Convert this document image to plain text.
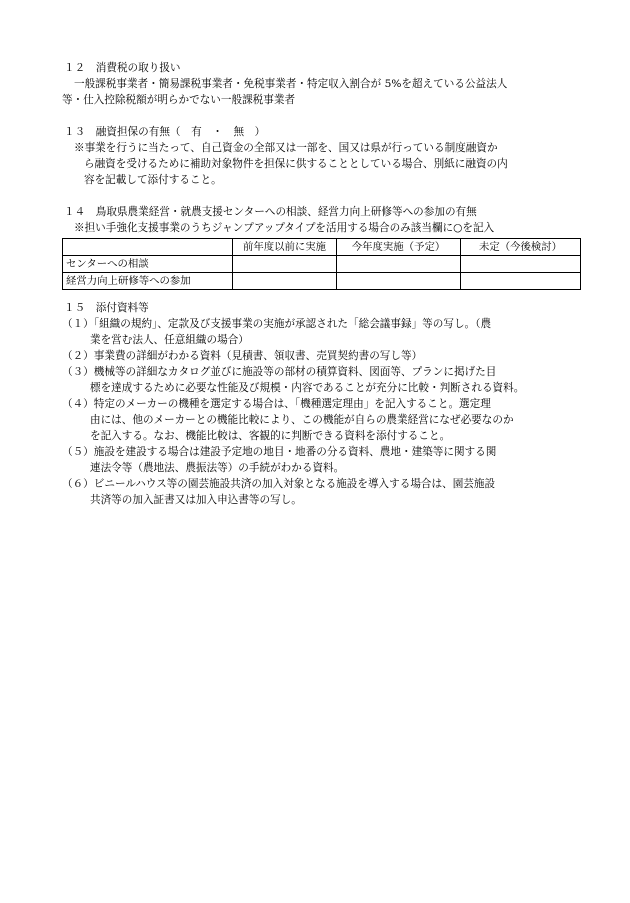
１２　消費税の取り扱い
一般課税事業者・簡易課税事業者・免税事業者・特定収入割合が 5%を超えている公益法人
等・仕入控除税額が明らかでない一般課税事業者
１３　融資担保の有無（　有　・　無　）
※事業を行うに当たって、自己資金の全部又は一部を、国又は県が行っている制度融資か
ら融資を受けるために補助対象物件を担保に供することとしている場合、別紙に融資の内
容を記載して添付すること。
１４　鳥取県農業経営・就農支援センターへの相談、経営力向上研修等への参加の有無
※担い手強化支援事業のうちジャンプアップタイプを活用する場合のみ該当欄に○を記入
	前年度以前に実施	今年度実施（予定）	未定（今後検討）
センターへの相談			
経営力向上研修等への参加			
１５　添付資料等
（１）「組織の規約」、定款及び支援事業の実施が承認された「総会議事録」等の写し。（農
業を営む法人、任意組織の場合）
（２）事業費の詳細がわかる資料（見積書、領収書、売買契約書の写し等）
（３）機械等の詳細なカタログ並びに施設等の部材の積算資料、図面等、プランに掲げた目
標を達成するために必要な性能及び規模・内容であることが充分に比較・判断される資料。
（４）特定のメーカーの機種を選定する場合は、「機種選定理由」を記入すること。選定理
由には、他のメーカーとの機能比較により、この機能が自らの農業経営になぜ必要なのか
を記入する。なお、機能比較は、客観的に判断できる資料を添付すること。
（５）施設を建設する場合は建設予定地の地目・地番の分る資料、農地・建築等に関する関
連法令等（農地法、農振法等）の手続がわかる資料。
（６）ビニールハウス等の園芸施設共済の加入対象となる施設を導入する場合は、園芸施設
共済等の加入証書又は加入申込書等の写し。
